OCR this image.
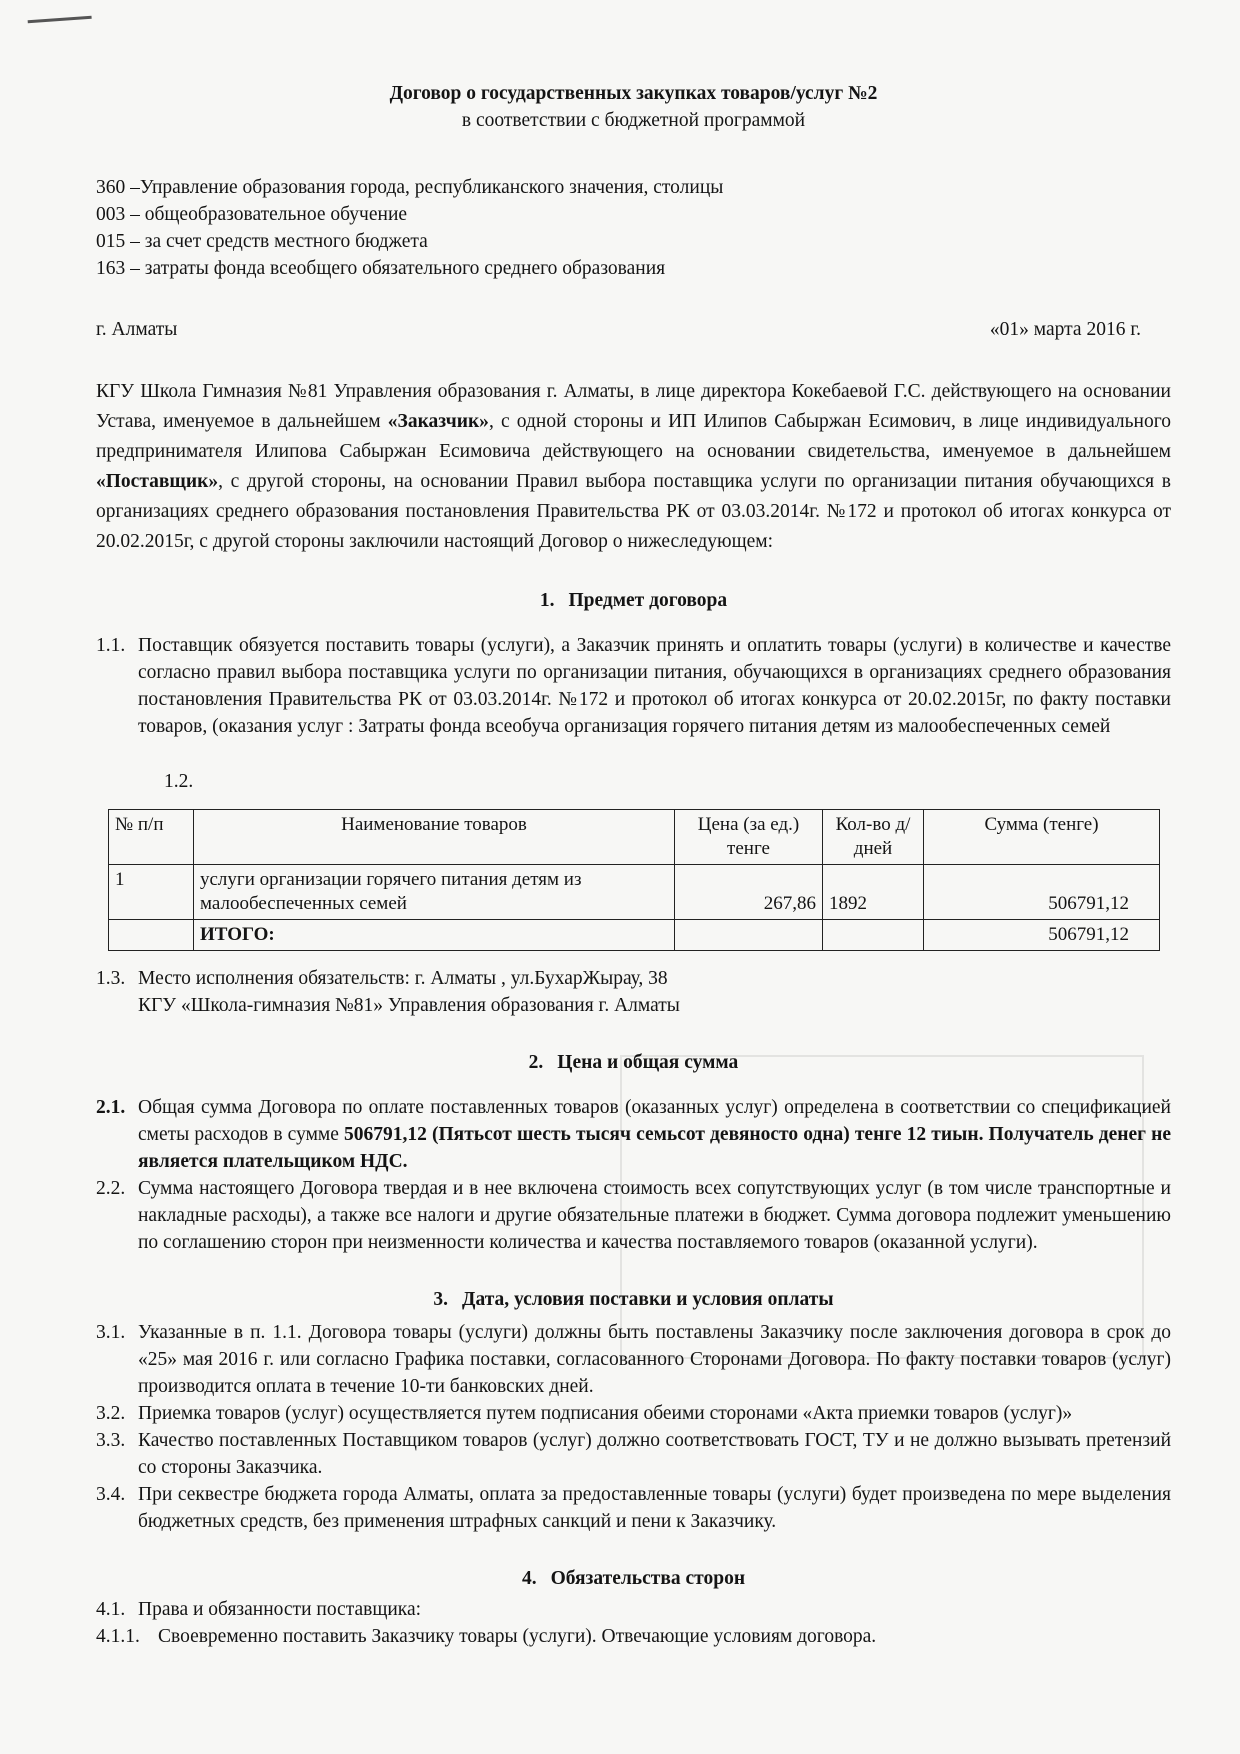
Договор о государственных закупках товаров/услуг №2

в соответствии с бюджетной программой

360 –Управление образования города, республиканского значения, столицы
003 – общеобразовательное обучение
015 – за счет средств местного бюджета
163 – затраты фонда всеобщего обязательного среднего образования
г. Алматы	«01» марта 2016 г.
КГУ Школа Гимназия №81 Управления образования г. Алматы, в лице директора Кокебаевой Г.С. действующего на основании Устава, именуемое в дальнейшем «Заказчик», с одной стороны и ИП Илипов Сабыржан Есимович, в лице индивидуального предпринимателя Илипова Сабыржан Есимовича действующего на основании свидетельства, именуемое в дальнейшем «Поставщик», с другой стороны, на основании Правил выбора поставщика услуги по организации питания обучающихся в организациях среднего образования постановления Правительства РК от 03.03.2014г. №172 и протокол об итогах конкурса от 20.02.2015г, с другой стороны заключили настоящий Договор о нижеследующем:
1. Предмет договора
1.1. Поставщик обязуется поставить товары (услуги), а Заказчик принять и оплатить товары (услуги) в количестве и качестве согласно правил выбора поставщика услуги по организации питания, обучающихся в организациях среднего образования постановления Правительства РК от 03.03.2014г. №172 и протокол об итогах конкурса от 20.02.2015г, по факту поставки товаров, (оказания услуг : Затраты фонда всеобуча организация горячего питания детям из малообеспеченных семей
1.2.
№ п/п	Наименование товаров	Цена (за ед.) тенге	Кол-во д/дней	Сумма (тенге)
1	услуги организации горячего питания детям из малообеспеченных семей	267,86	1892	506791,12
	ИТОГО:			506791,12
1.3. Место исполнения обязательств: г. Алматы , ул.БухарЖырау, 38
КГУ «Школа-гимназия №81» Управления образования г. Алматы
2. Цена и общая сумма
2.1. Общая сумма Договора по оплате поставленных товаров (оказанных услуг) определена в соответствии со спецификацией сметы расходов в сумме 506791,12 (Пятьсот шесть тысяч семьсот девяносто одна) тенге 12 тиын. Получатель денег не является плательщиком НДС.
2.2. Сумма настоящего Договора твердая и в нее включена стоимость всех сопутствующих услуг (в том числе транспортные и накладные расходы), а также все налоги и другие обязательные платежи в бюджет. Сумма договора подлежит уменьшению по соглашению сторон при неизменности количества и качества поставляемого товаров (оказанной услуги).
3. Дата, условия поставки и условия оплаты
3.1. Указанные в п. 1.1. Договора товары (услуги) должны быть поставлены Заказчику после заключения договора в срок до «25» мая 2016 г. или согласно Графика поставки, согласованного Сторонами Договора. По факту поставки товаров (услуг) производится оплата в течение 10-ти банковских дней.
3.2. Приемка товаров (услуг) осуществляется путем подписания обеими сторонами «Акта приемки товаров (услуг)»
3.3. Качество поставленных Поставщиком товаров (услуг) должно соответствовать ГОСТ, ТУ и не должно вызывать претензий со стороны Заказчика.
3.4. При секвестре бюджета города Алматы, оплата за предоставленные товары (услуги) будет произведена по мере выделения бюджетных средств, без применения штрафных санкций и пени к Заказчику.
4. Обязательства сторон
4.1. Права и обязанности поставщика:
4.1.1. Своевременно поставить Заказчику товары (услуги). Отвечающие условиям договора.
